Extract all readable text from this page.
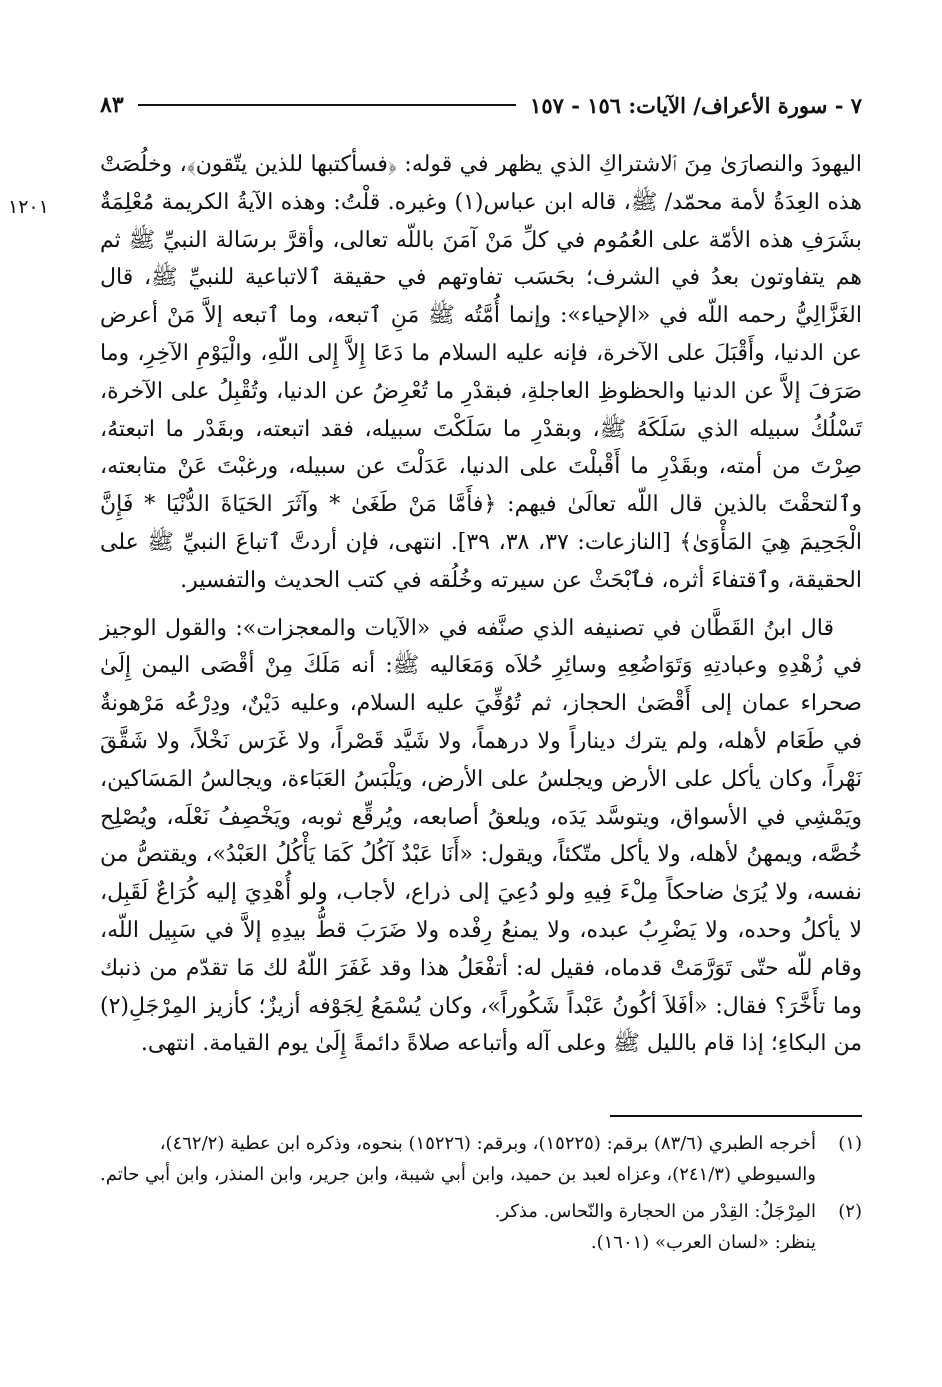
٧ - سورة الأعراف/ الآيات: ١٥٦ - ١٥٧
٨٣
١٢٠١

اليهودَ والنصارَىٰ مِنَ ٱلاشتراكِ الذي يظهر في قوله: ﴿فسأكتبها للذين يتّقون﴾، وخلُصَتْ هذه العِدَةُ لأمة محمّد/ ﷺ، قاله ابن عباس(١) وغيره. قلْتُ: وهذه الآيةُ الكريمة مُعْلِمَةٌ بشَرَفِ هذه الأمّة على العُمُوم في كلِّ مَنْ آمَنَ باللّه تعالى، وأقرَّ برسَالة النبيِّ ﷺ ثم هم يتفاوتون بعدُ في الشرف؛ بحَسَب تفاوتهم في حقيقة ٱلاتباعية للنبيِّ ﷺ، قال الغَزَّالِيُّ رحمه اللّه في «الإحياء»: وإنما أُمَّتُه ﷺ مَنِ ٱتبعه، وما ٱتبعه إلاَّ مَنْ أعرض عن الدنيا، وأَقْبَلَ على الآخرة، فإنه عليه السلام ما دَعَا إِلاَّ إِلى اللّهِ، والْيَوْمِ الآخِرِ، وما صَرَفَ إلاَّ عن الدنيا والحظوظِ العاجلةِ، فبقدْرِ ما تُعْرِضُ عن الدنيا، وتُقْبِلُ على الآخرة، تَسْلُكُ سبيله الذي سَلَكَهُ ﷺ، وبقدْرِ ما سَلَكْتَ سبيله، فقد اتبعته، وبقَدْر ما اتبعتهُ، صِرْتَ من أمته، وبقَدْرِ ما أَقْبلْتَ على الدنيا، عَدَلْتَ عن سبيله، ورغبْتَ عَنْ متابعته، وٱلتحقْتَ بالذين قال اللّه تعالَىٰ فيهم: ﴿فأَمَّا مَنْ طَغَىٰ * وآثَرَ الحَيَاةَ الدُّنْيَا * فَإِنَّ الْجَحِيمَ هِيَ المَأْوَىٰ﴾ [النازعات: ٣٧، ٣٨، ٣٩]. انتهى، فإن أردتَّ ٱتباعَ النبيِّ ﷺ على الحقيقة، وٱقتفاءَ أثره، فٱبْحَثْ عن سيرته وخُلُقه في كتب الحديث والتفسير.

قال ابنُ القَطَّان في تصنيفه الذي صنَّفه في «الآيات والمعجزات»: والقول الوجيز في زُهْدِهِ وعبادتِهِ وَتَوَاضُعِهِ وسائِرِ حُلاَه وَمَعَاليه ﷺ: أنه مَلَكَ مِنْ أقْصَى اليمن إِلَىٰ صحراء عمان إلى أَقْصَىٰ الحجاز، ثم تُوُفِّيَ عليه السلام، وعليه دَيْنٌ، ودِرْعُه مَرْهونةٌ في طَعَام لأهله، ولم يترك ديناراً ولا درهماً، ولا شَيَّد قَصْراً، ولا غَرَس نَخْلاً، ولا شَقَّقَ نَهْراً، وكان يأكل على الأرض ويجلسُ على الأرض، ويَلْبَسُ العَبَاءة، ويجالسُ المَسَاكين، ويَمْشِي في الأسواق، ويتوسَّد يَدَه، ويلعقُ أصابعه، ويُرقِّع ثوبه، ويَخْصِفُ نَعْلَه، ويُصْلِح خُصَّه، ويمهنُ لأهله، ولا يأكل متّكئاً، ويقول: «أَنَا عَبْدٌ آكُلُ كَمَا يَأْكُلُ العَبْدُ»، ويقتصُّ من نفسه، ولا يُرَىٰ ضاحكاً مِلْءَ فِيهِ ولو دُعِيَ إلى ذراع، لأجاب، ولو أُهْدِيَ إليه كُرَاعٌ لَقَبِل، لا يأكلُ وحده، ولا يَضْرِبُ عبده، ولا يمنعُ رِفْده ولا ضَرَبَ قطُّ بيدِهِ إلاَّ في سَبِيل اللّه، وقام للّه حتّى تَوَرَّمَتْ قدماه، فقيل له: أتفْعَلُ هذا وقد غَفَرَ اللّهُ لك مَا تقدّم من ذنبك وما تأَخَّرَ؟ فقال: «أفَلاَ أكُونُ عَبْداً شَكُوراً»، وكان يُسْمَعُ لِجَوْفه أزيزٌ؛ كأزيز المِرْجَلِ(٢) من البكاءِ؛ إذا قام بالليل ﷺ وعلى آله وأتباعه صلاةً دائمةً إِلَىٰ يوم القيامة. انتهى.

(١)
أخرجه الطبري (٨٣/٦) برقم: (١٥٢٢٥)، وبرقم: (١٥٢٢٦) بنحوه، وذكره ابن عطية (٤٦٢/٢)، والسيوطي (٢٤١/٣)، وعزاه لعبد بن حميد، وابن أبي شيبة، وابن جرير، وابن المنذر، وابن أبي حاتم.
(٢)
المِرْجَلُ: القِدْر من الحجارة والنّحاس. مذكر.
ينظر: «لسان العرب» (١٦٠١).
